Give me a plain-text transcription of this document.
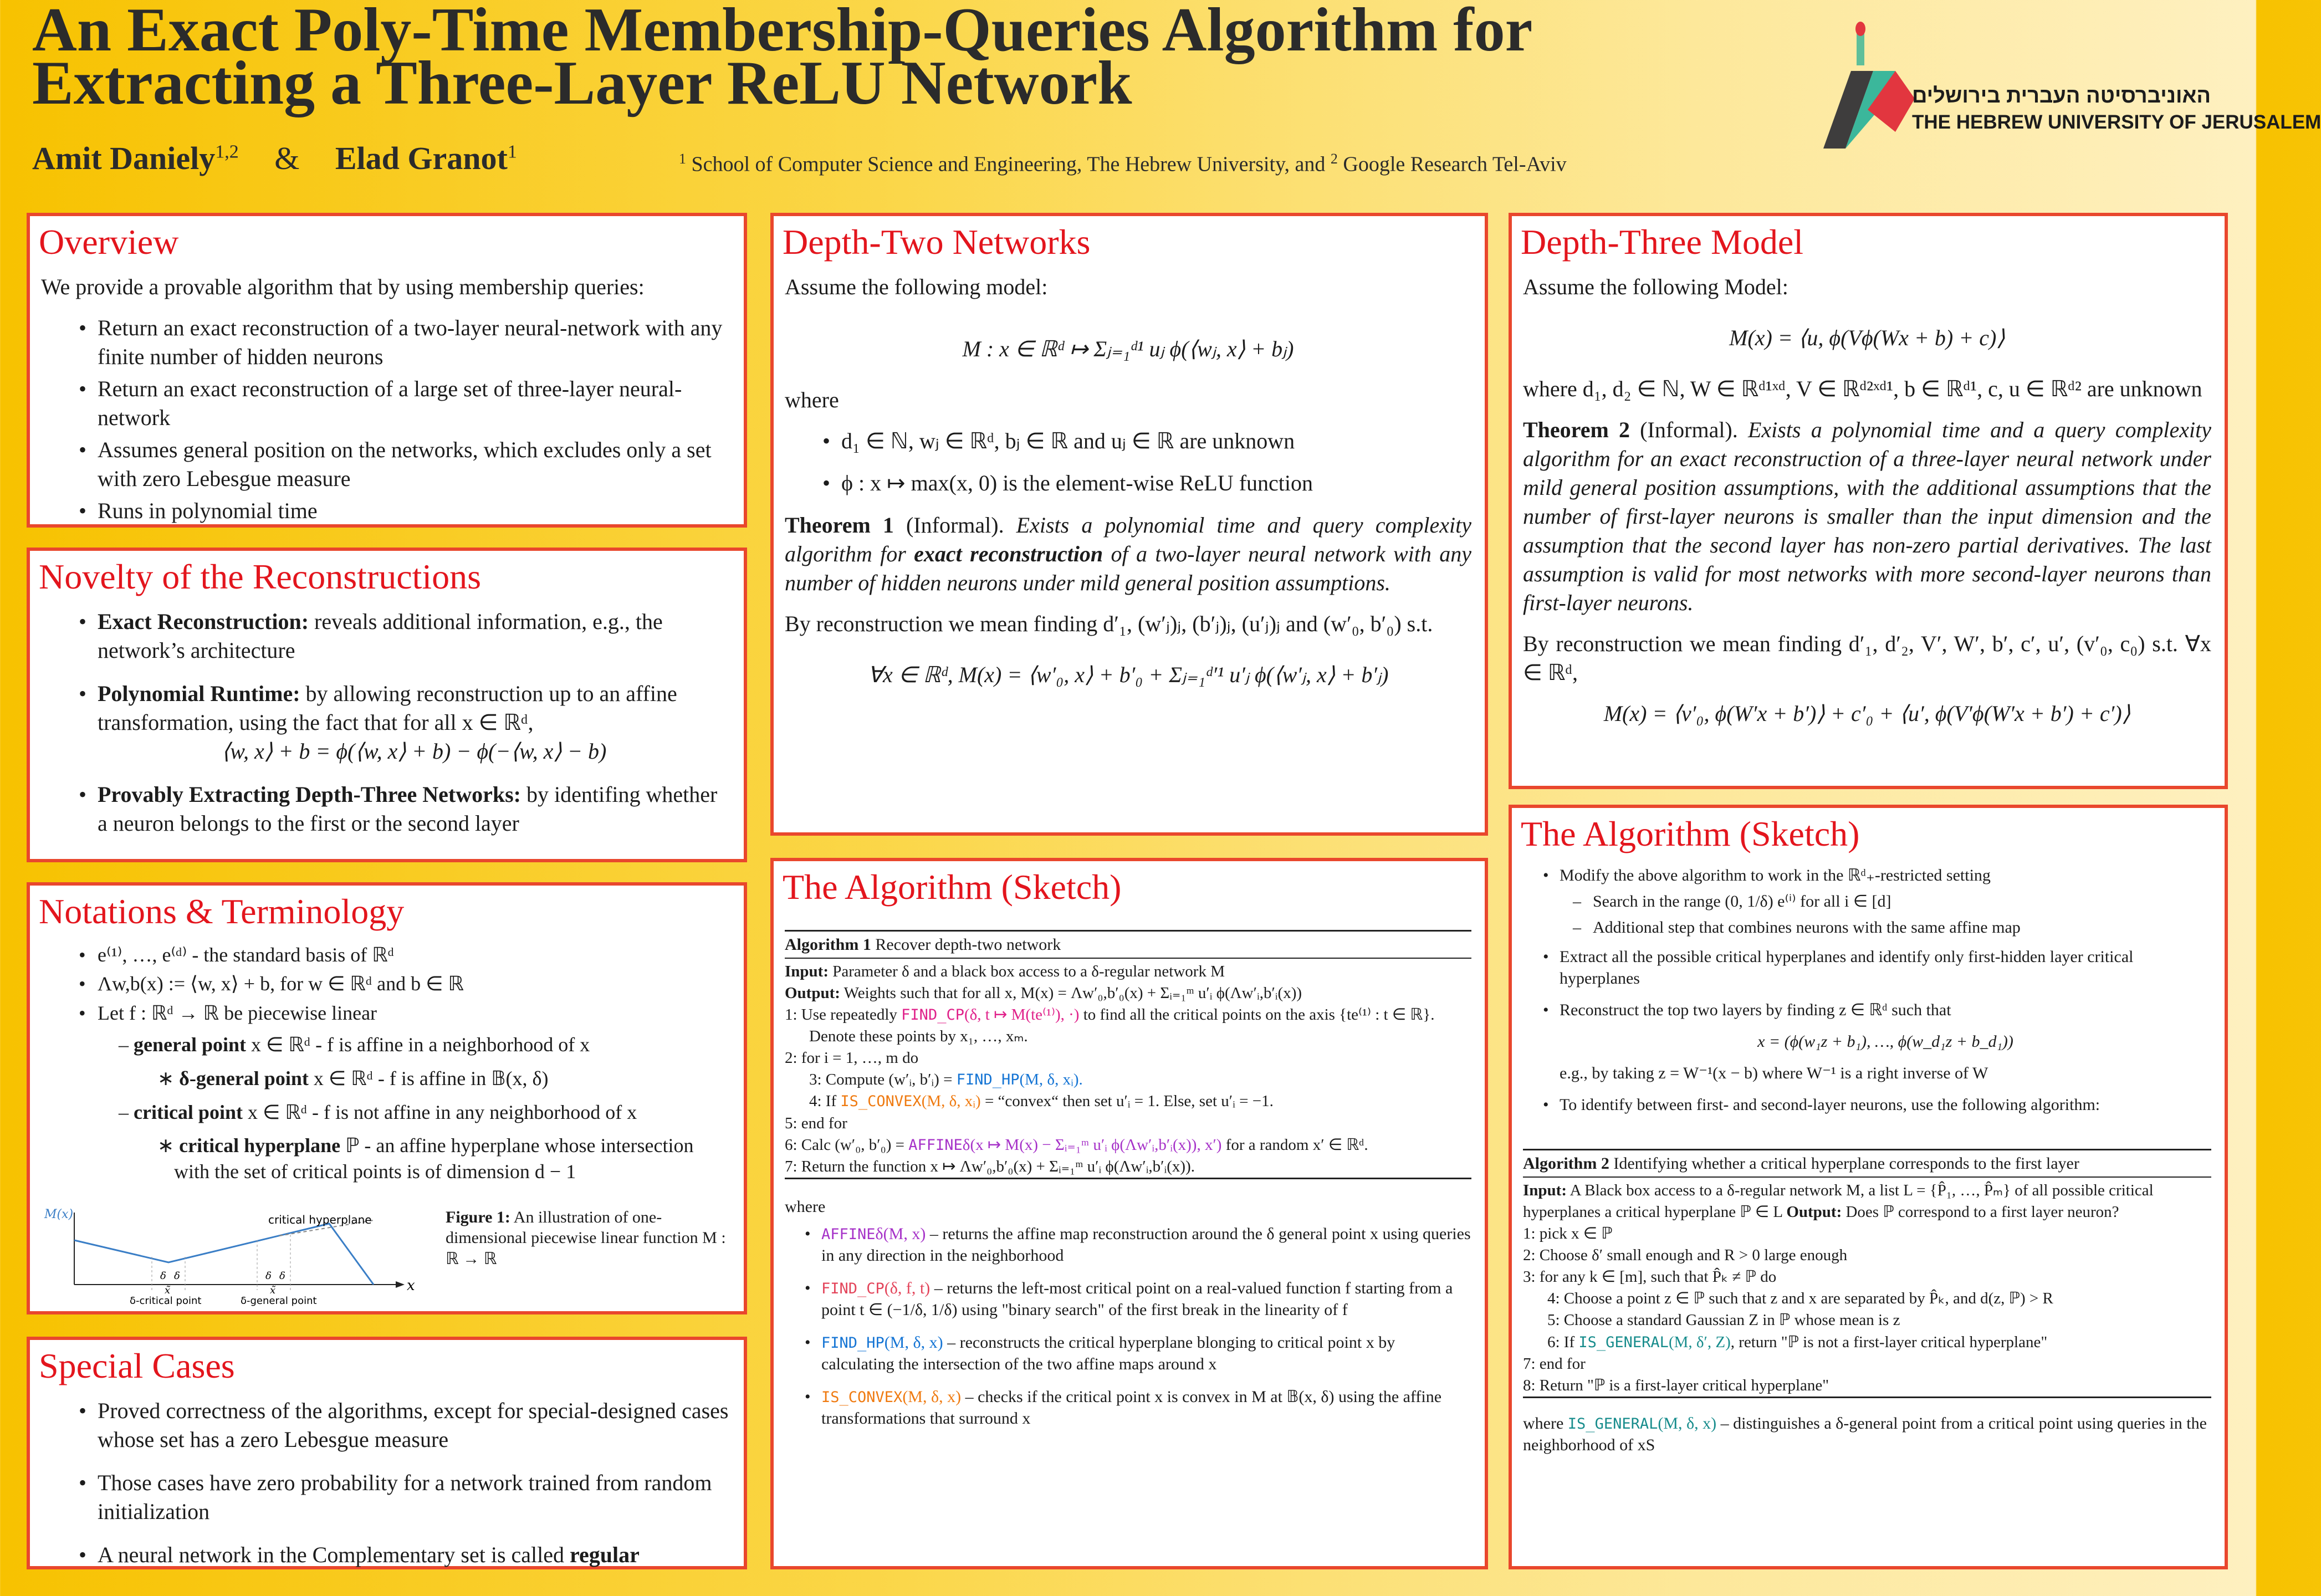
An Exact Poly-Time Membership-Queries Algorithm for Extracting a Three-Layer ReLU Network
Amit Daniely$^{1,2}$ & Elad Granot$^1$	$^1$ School of Computer Science and Engineering, The Hebrew University, and $^2$ Google Research Tel-Aviv
האוניברסיטה העברית בירושלים
THE HEBREW UNIVERSITY OF JERUSALEM
Overview

We provide a provable algorithm that by using membership queries:

• Return an exact reconstruction of a two-layer neural-network with any finite number of hidden neurons
• Return an exact reconstruction of a large set of three-layer neural-network
• Assumes general position on the networks, which excludes only a set with zero Lebesgue measure
• Runs in polynomial time
Novelty of the Reconstructions
• Exact Reconstruction: reveals additional information, e.g., the network’s architecture
• Polynomial Runtime: by allowing reconstruction up to an affine transformation, using the fact that for all x ∈ ℝᵈ,
⟨w, x⟩ + b = ϕ(⟨w, x⟩ + b) − ϕ(−⟨w, x⟩ − b)
• Provably Extracting Depth-Three Networks: by identifing whether a neuron belongs to the first or the second layer
Notations & Terminology
• e⁽¹⁾, …, e⁽ᵈ⁾ - the standard basis of ℝᵈ
• Λw,b(x) := ⟨w, x⟩ + b, for w ∈ ℝᵈ and b ∈ ℝ
• Let f : ℝᵈ → ℝ be piecewise linear
– general point x ∈ ℝᵈ - f is affine in a neighborhood of x
∗ δ-general point x ∈ ℝᵈ - f is affine in 𝔹(x, δ)
– critical point x ∈ ℝᵈ - f is not affine in any neighborhood of x
∗ critical hyperplane ℙ - an affine hyperplane whose intersection with the set of critical points is of dimension d − 1
M(x)	critical hyperplane
δ δ	δ δ
x̃	x̃	x
δ-critical point	δ-general point
Figure 1: An illustration of one-dimensional piecewise linear function M : ℝ → ℝ
Special Cases
• Proved correctness of the algorithms, except for special-designed cases whose set has a zero Lebesgue measure
• Those cases have zero probability for a network trained from random initialization
• A neural network in the Complementary set is called regular
Depth-Two Networks

Assume the following model:

M : x ∈ ℝᵈ ↦ Σⱼ₌₁ᵈ¹ uⱼ ϕ(⟨wⱼ, x⟩ + bⱼ)

where

• d₁ ∈ ℕ, wⱼ ∈ ℝᵈ, bⱼ ∈ ℝ and uⱼ ∈ ℝ are unknown
• ϕ : x ↦ max(x, 0) is the element-wise ReLU function

Theorem 1 (Informal). Exists a polynomial time and query complexity algorithm for exact reconstruction of a two-layer neural network with any number of hidden neurons under mild general position assumptions.

By reconstruction we mean finding d′₁, (w′ⱼ)ⱼ, (b′ⱼ)ⱼ, (u′ⱼ)ⱼ and (w′₀, b′₀) s.t.

∀x ∈ ℝᵈ, M(x) = ⟨w′₀, x⟩ + b′₀ + Σⱼ₌₁ᵈ′¹ u′ⱼ ϕ(⟨w′ⱼ, x⟩ + b′ⱼ)
The Algorithm (Sketch)
Algorithm 1 Recover depth-two network
Input: Parameter δ and a black box access to a δ-regular network M
Output: Weights such that for all x, M(x) = Λw′₀,b′₀(x) + Σᵢ₌₁ᵐ u′ᵢ ϕ(Λw′ᵢ,b′ᵢ(x))
1: Use repeatedly FIND_CP(δ, t ↦ M(te⁽¹⁾), ·) to find all the critical points on the axis {te⁽¹⁾ : t ∈ ℝ}. Denote these points by x₁, …, xₘ.
2: for i = 1, …, m do
3: Compute (w′ᵢ, b′ᵢ) = FIND_HP(M, δ, xᵢ).
4: If IS_CONVEX(M, δ, xᵢ) = “convex“ then set u′ᵢ = 1. Else, set u′ᵢ = −1.
5: end for
6: Calc (w′₀, b′₀) = AFFINEδ(x ↦ M(x) − Σᵢ₌₁ᵐ u′ᵢ ϕ(Λw′ᵢ,b′ᵢ(x)), x′) for a random x′ ∈ ℝᵈ.
7: Return the function x ↦ Λw′₀,b′₀(x) + Σᵢ₌₁ᵐ u′ᵢ ϕ(Λw′ᵢ,b′ᵢ(x)).

where

• AFFINEδ(M, x) – returns the affine map reconstruction around the δ general point x using queries in any direction in the neighborhood
• FIND_CP(δ, f, t) – returns the left-most critical point on a real-valued function f starting from a point t ∈ (−1/δ, 1/δ) using "binary search" of the first break in the linearity of f
• FIND_HP(M, δ, x) – reconstructs the critical hyperplane blonging to critical point x by calculating the intersection of the two affine maps around x
• IS_CONVEX(M, δ, x) – checks if the critical point x is convex in M at 𝔹(x, δ) using the affine transformations that surround x
Depth-Three Model

Assume the following Model:

M(x) = ⟨u, ϕ(Vϕ(Wx + b) + c)⟩

where d₁, d₂ ∈ ℕ, W ∈ ℝᵈ¹ˣᵈ, V ∈ ℝᵈ²ˣᵈ¹, b ∈ ℝᵈ¹, c, u ∈ ℝᵈ² are unknown

Theorem 2 (Informal). Exists a polynomial time and a query complexity algorithm for an exact reconstruction of a three-layer neural network under mild general position assumptions, with the additional assumptions that the number of first-layer neurons is smaller than the input dimension and the assumption that the second layer has non-zero partial derivatives. The last assumption is valid for most networks with more second-layer neurons than first-layer neurons.

By reconstruction we mean finding d′₁, d′₂, V′, W′, b′, c′, u′, (v′₀, c₀) s.t. ∀x ∈ ℝᵈ,

M(x) = ⟨v′₀, ϕ(W′x + b′)⟩ + c′₀ + ⟨u′, ϕ(V′ϕ(W′x + b′) + c′)⟩
The Algorithm (Sketch)
• Modify the above algorithm to work in the ℝᵈ₊-restricted setting
– Search in the range (0, 1/δ) e⁽ⁱ⁾ for all i ∈ [d]
– Additional step that combines neurons with the same affine map
• Extract all the possible critical hyperplanes and identify only first-hidden layer critical hyperplanes
• Reconstruct the top two layers by finding z ∈ ℝᵈ such that
x = (ϕ(w₁z + b₁), …, ϕ(w_d₁z + b_d₁))
e.g., by taking z = W⁻¹(x − b) where W⁻¹ is a right inverse of W
• To identify between first- and second-layer neurons, use the following algorithm:
Algorithm 2 Identifying whether a critical hyperplane corresponds to the first layer
Input: A Black box access to a δ-regular network M, a list L = {P̂₁, …, P̂ₘ} of all possible critical hyperplanes a critical hyperplane ℙ ∈ L Output: Does ℙ correspond to a first layer neuron?
1: pick x ∈ ℙ
2: Choose δ′ small enough and R > 0 large enough
3: for any k ∈ [m], such that P̂ₖ ≠ ℙ do
4: Choose a point z ∈ ℙ such that z and x are separated by P̂ₖ, and d(z, ℙ) > R
5: Choose a standard Gaussian Z in ℙ whose mean is z
6: If IS_GENERAL(M, δ′, Z), return "ℙ is not a first-layer critical hyperplane"
7: end for
8: Return "ℙ is a first-layer critical hyperplane"

where IS_GENERAL(M, δ, x) – distinguishes a δ-general point from a critical point using queries in the neighborhood of xS
